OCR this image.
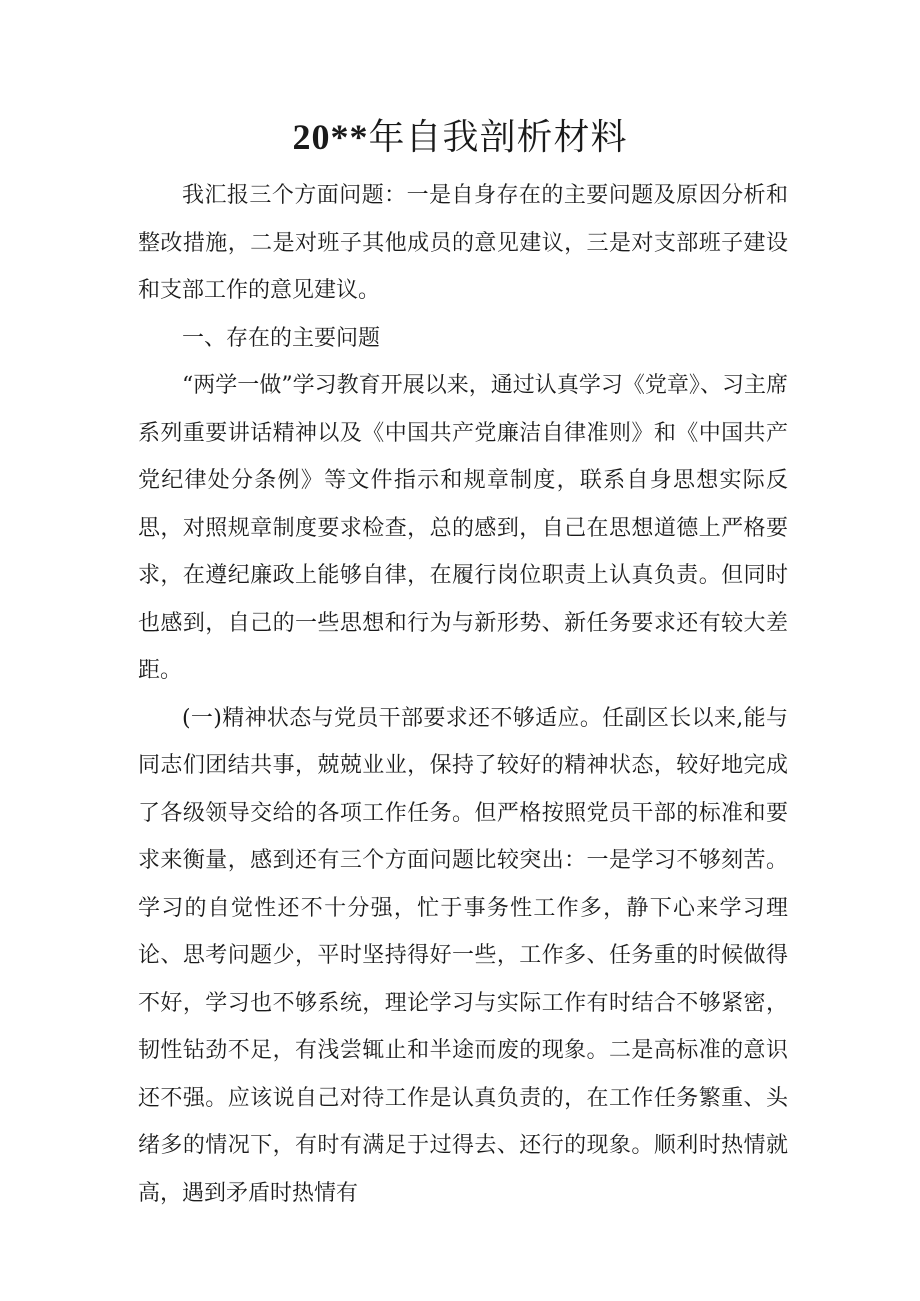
20**年自我剖析材料

我汇报三个方面问题：一是自身存在的主要问题及原因分析和整改措施，二是对班子其他成员的意见建议，三是对支部班子建设和支部工作的意见建议。

一、存在的主要问题

“两学一做”学习教育开展以来，通过认真学习《党章》、习主席系列重要讲话精神以及《中国共产党廉洁自律准则》和《中国共产党纪律处分条例》等文件指示和规章制度，联系自身思想实际反思，对照规章制度要求检查，总的感到，自己在思想道德上严格要求，在遵纪廉政上能够自律，在履行岗位职责上认真负责。但同时也感到，自己的一些思想和行为与新形势、新任务要求还有较大差距。

(一)精神状态与党员干部要求还不够适应。任副区长以来,能与同志们团结共事，兢兢业业，保持了较好的精神状态，较好地完成了各级领导交给的各项工作任务。但严格按照党员干部的标准和要求来衡量，感到还有三个方面问题比较突出：一是学习不够刻苦。学习的自觉性还不十分强，忙于事务性工作多，静下心来学习理论、思考问题少，平时坚持得好一些，工作多、任务重的时候做得不好，学习也不够系统，理论学习与实际工作有时结合不够紧密，韧性钻劲不足，有浅尝辄止和半途而废的现象。二是高标准的意识还不强。应该说自己对待工作是认真负责的，在工作任务繁重、头绪多的情况下，有时有满足于过得去、还行的现象。顺利时热情就高，遇到矛盾时热情有
